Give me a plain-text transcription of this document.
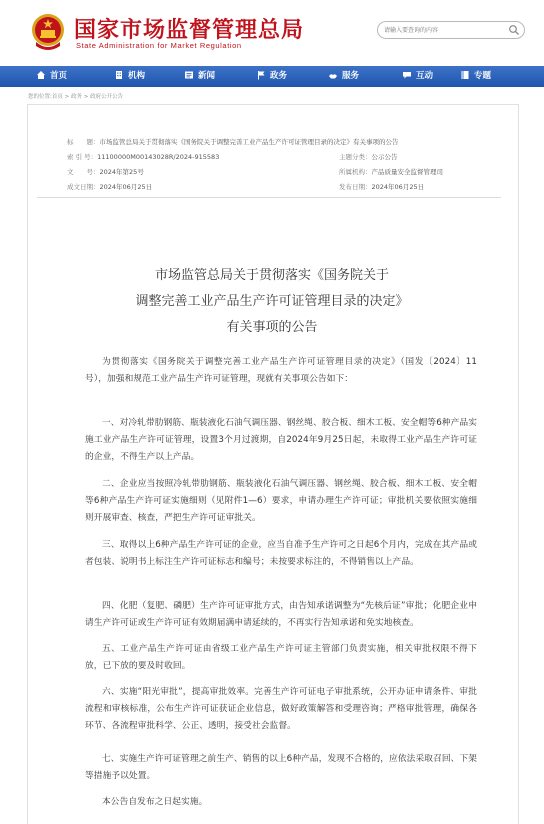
国家市场监督管理总局
State Administration for Market Regulation
请输入要查询的内容
首页	机构	新闻	政务	服务	互动	专题
您的位置:首页 > 政务 > 政府公开公告
标　　题：市场监管总局关于贯彻落实《国务院关于调整完善工业产品生产许可证管理目录的决定》有关事项的公告
索 引 号：11100000M00143028R/2024-915583	主题分类：公示公告
文　　号：2024年第25号	所属机构：产品质量安全监督管理司
成文日期：2024年06月25日	发布日期：2024年06月25日
市场监管总局关于贯彻落实《国务院关于
调整完善工业产品生产许可证管理目录的决定》
有关事项的公告
为贯彻落实《国务院关于调整完善工业产品生产许可证管理目录的决定》（国发〔2024〕11号），加强和规范工业产品生产许可证管理，现就有关事项公告如下：
一、对冷轧带肋钢筋、瓶装液化石油气调压器、钢丝绳、胶合板、细木工板、安全帽等6种产品实施工业产品生产许可证管理，设置3个月过渡期，自2024年9月25日起，未取得工业产品生产许可证的企业，不得生产以上产品。
二、企业应当按照冷轧带肋钢筋、瓶装液化石油气调压器、钢丝绳、胶合板、细木工板、安全帽等6种产品生产许可证实施细则（见附件1—6）要求，申请办理生产许可证；审批机关要依照实施细则开展审查、核查，严把生产许可证审批关。
三、取得以上6种产品生产许可证的企业，应当自准予生产许可之日起6个月内，完成在其产品或者包装、说明书上标注生产许可证标志和编号；未按要求标注的，不得销售以上产品。
四、化肥（复肥、磷肥）生产许可证审批方式，由告知承诺调整为“先核后证”审批；化肥企业申请生产许可证或生产许可证有效期届满申请延续的，不再实行告知承诺和免实地核查。
五、工业产品生产许可证由省级工业产品生产许可证主管部门负责实施，相关审批权限不得下放，已下放的要及时收回。
六、实施“阳光审批”，提高审批效率。完善生产许可证电子审批系统，公开办证申请条件、审批流程和审核标准，公布生产许可证获证企业信息，做好政策解答和受理咨询；严格审批管理，确保各环节、各流程审批科学、公正、透明，接受社会监督。
七、实施生产许可证管理之前生产、销售的以上6种产品，发现不合格的，应依法采取召回、下架等措施予以处置。
本公告自发布之日起实施。
